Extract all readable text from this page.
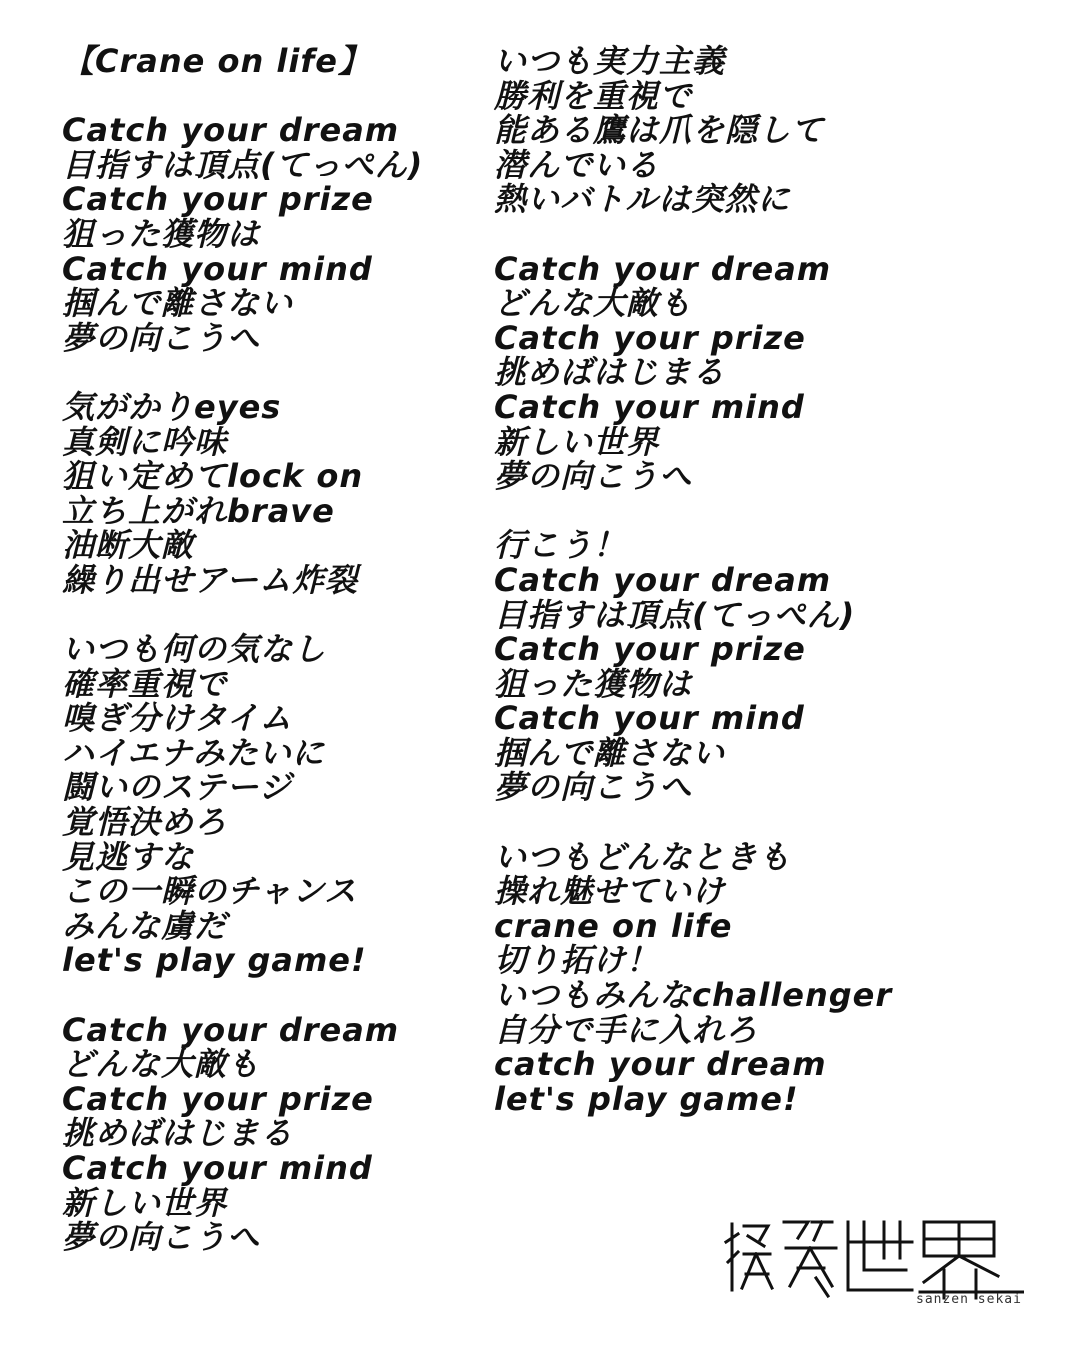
【Crane on life】
Catch your dream
目指すは頂点(てっぺん)
Catch your prize
狙った獲物は
Catch your mind
掴んで離さない
夢の向こうへ
気がかりeyes
真剣に吟味
狙い定めてlock on
立ち上がれbrave
油断大敵
繰り出せアーム炸裂
いつも何の気なし
確率重視で
嗅ぎ分けタイム
ハイエナみたいに
闘いのステージ
覚悟決めろ
見逃すな
この一瞬のチャンス
みんな虜だ
let's play game!
Catch your dream
どんな大敵も
Catch your prize
挑めばはじまる
Catch your mind
新しい世界
夢の向こうへ
いつも実力主義
勝利を重視で
能ある鷹は爪を隠して
潜んでいる
熱いバトルは突然に
Catch your dream
どんな大敵も
Catch your prize
挑めばはじまる
Catch your mind
新しい世界
夢の向こうへ
行こう！
Catch your dream
目指すは頂点(てっぺん)
Catch your prize
狙った獲物は
Catch your mind
掴んで離さない
夢の向こうへ
いつもどんなときも
操れ魅せていけ
crane on life
切り拓け！
いつもみんなchallenger
自分で手に入れろ
catch your dream
let's play game!
sanzen sekai
